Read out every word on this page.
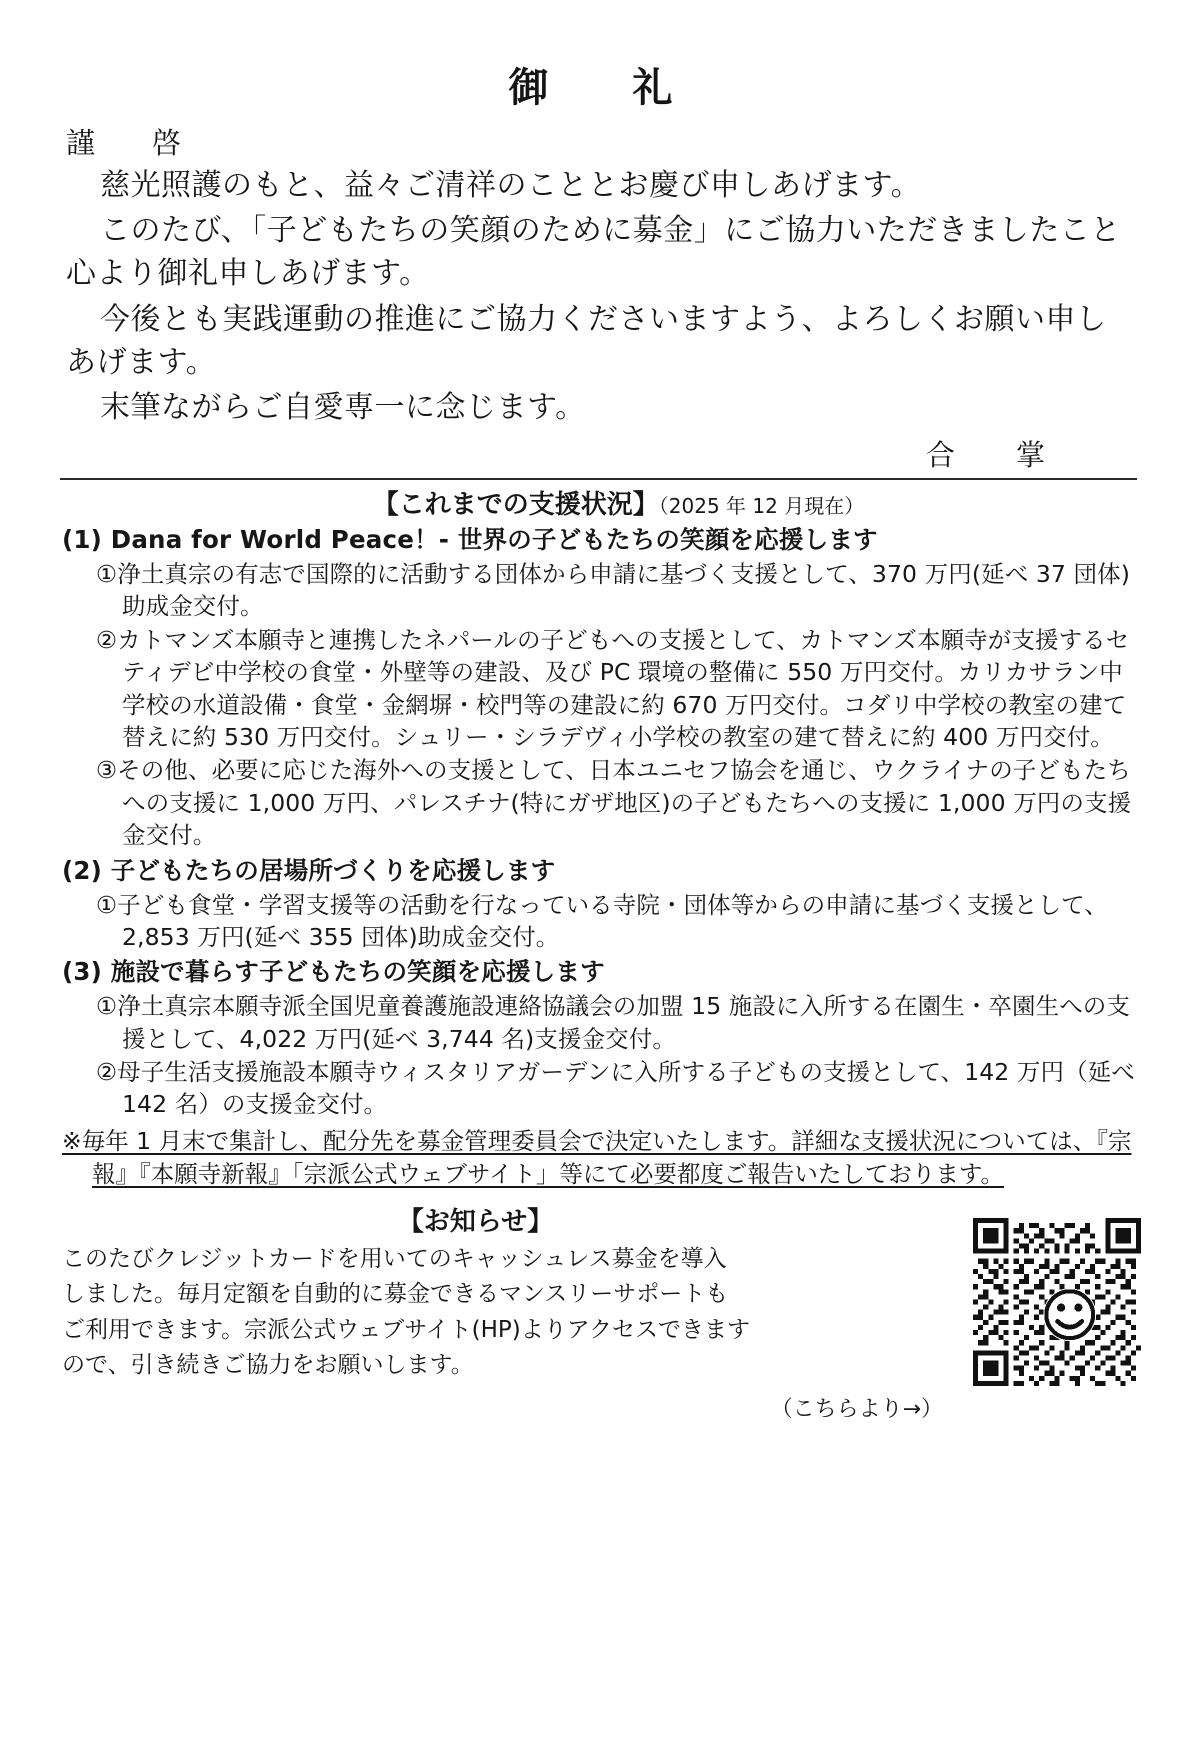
御　礼
謹　啓

慈光照護のもと、益々ご清祥のこととお慶び申しあげます。

このたび、「子どもたちの笑顔のために募金」にご協力いただきましたこと心より御礼申しあげます。

今後とも実践運動の推進にご協力くださいますよう、よろしくお願い申しあげます。

末筆ながらご自愛専一に念じます。

合　掌
【これまでの支援状況】（2025 年 12 月現在）
(1) Dana for World Peace！- 世界の子どもたちの笑顔を応援します
①浄土真宗の有志で国際的に活動する団体から申請に基づく支援として、370 万円(延べ 37 団体)助成金交付。
②カトマンズ本願寺と連携したネパールの子どもへの支援として、カトマンズ本願寺が支援するセティデビ中学校の食堂・外壁等の建設、及び PC 環境の整備に 550 万円交付。カリカサラン中学校の水道設備・食堂・金網塀・校門等の建設に約 670 万円交付。コダリ中学校の教室の建て替えに約 530 万円交付。シュリー・シラデヴィ小学校の教室の建て替えに約 400 万円交付。
③その他、必要に応じた海外への支援として、日本ユニセフ協会を通じ、ウクライナの子どもたちへの支援に 1,000 万円、パレスチナ(特にガザ地区)の子どもたちへの支援に 1,000 万円の支援金交付。
(2) 子どもたちの居場所づくりを応援します
①子ども食堂・学習支援等の活動を行なっている寺院・団体等からの申請に基づく支援として、2,853 万円(延べ 355 団体)助成金交付。
(3) 施設で暮らす子どもたちの笑顔を応援します
①浄土真宗本願寺派全国児童養護施設連絡協議会の加盟 15 施設に入所する在園生・卒園生への支援として、4,022 万円(延べ 3,744 名)支援金交付。
②母子生活支援施設本願寺ウィスタリアガーデンに入所する子どもの支援として、142 万円（延べ 142 名）の支援金交付。
※毎年 1 月末で集計し、配分先を募金管理委員会で決定いたします。詳細な支援状況については、『宗報』『本願寺新報』「宗派公式ウェブサイト」等にて必要都度ご報告いたしております。
【お知らせ】

このたびクレジットカードを用いてのキャッシュレス募金を導入

しました。毎月定額を自動的に募金できるマンスリーサポートも

ご利用できます。宗派公式ウェブサイト(HP)よりアクセスできます

ので、引き続きご協力をお願いします。

（こちらより→）
